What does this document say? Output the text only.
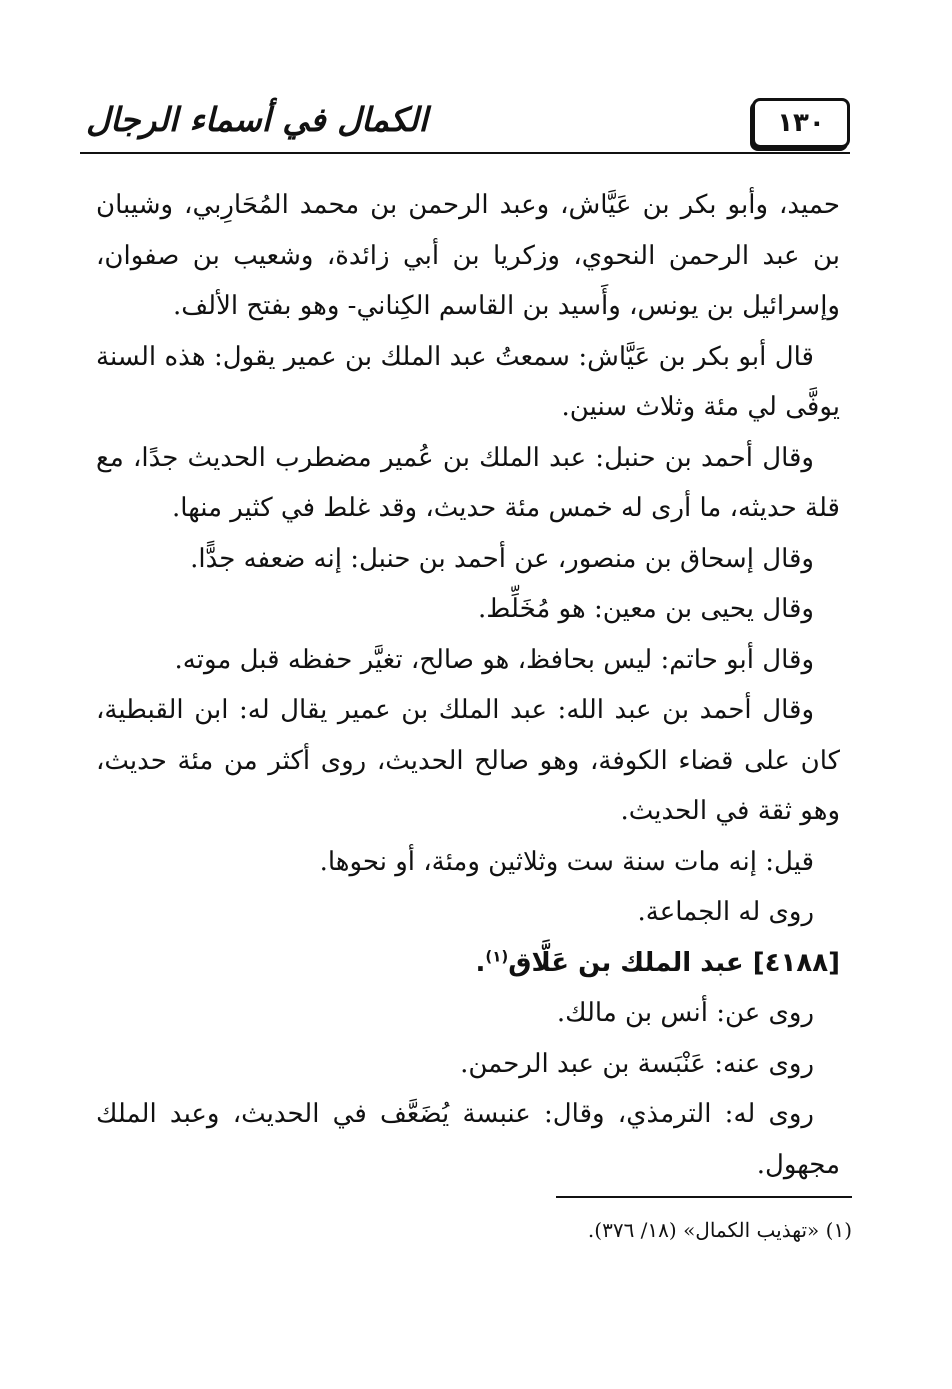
الكمال في أسماء الرجال	١٣٠

حميد، وأبو بكر بن عَيَّاش، وعبد الرحمن بن محمد المُحَارِبي، وشيبان بن عبد الرحمن النحوي، وزكريا بن أبي زائدة، وشعيب بن صفوان، وإسرائيل بن يونس، وأَسيد بن القاسم الكِناني- وهو بفتح الألف.

قال أبو بكر بن عَيَّاش: سمعتُ عبد الملك بن عمير يقول: هذه السنة يوفَّى لي مئة وثلاث سنين.

وقال أحمد بن حنبل: عبد الملك بن عُمير مضطرب الحديث جدًا، مع قلة حديثه، ما أرى له خمس مئة حديث، وقد غلط في كثير منها.

وقال إسحاق بن منصور، عن أحمد بن حنبل: إنه ضعفه جدًّا.

وقال يحيى بن معين: هو مُخَلِّط.

وقال أبو حاتم: ليس بحافظ، هو صالح، تغيَّر حفظه قبل موته.

وقال أحمد بن عبد الله: عبد الملك بن عمير يقال له: ابن القبطية، كان على قضاء الكوفة، وهو صالح الحديث، روى أكثر من مئة حديث، وهو ثقة في الحديث.

قيل: إنه مات سنة ست وثلاثين ومئة، أو نحوها.

روى له الجماعة.

[٤١٨٨] عبد الملك بن عَلَّاق$^{(١)}$.

روى عن: أنس بن مالك.

روى عنه: عَنْبَسة بن عبد الرحمن.

روى له: الترمذي، وقال: عنبسة يُضَعَّف في الحديث، وعبد الملك مجهول.

(١) «تهذيب الكمال» (١٨/ ٣٧٦).
